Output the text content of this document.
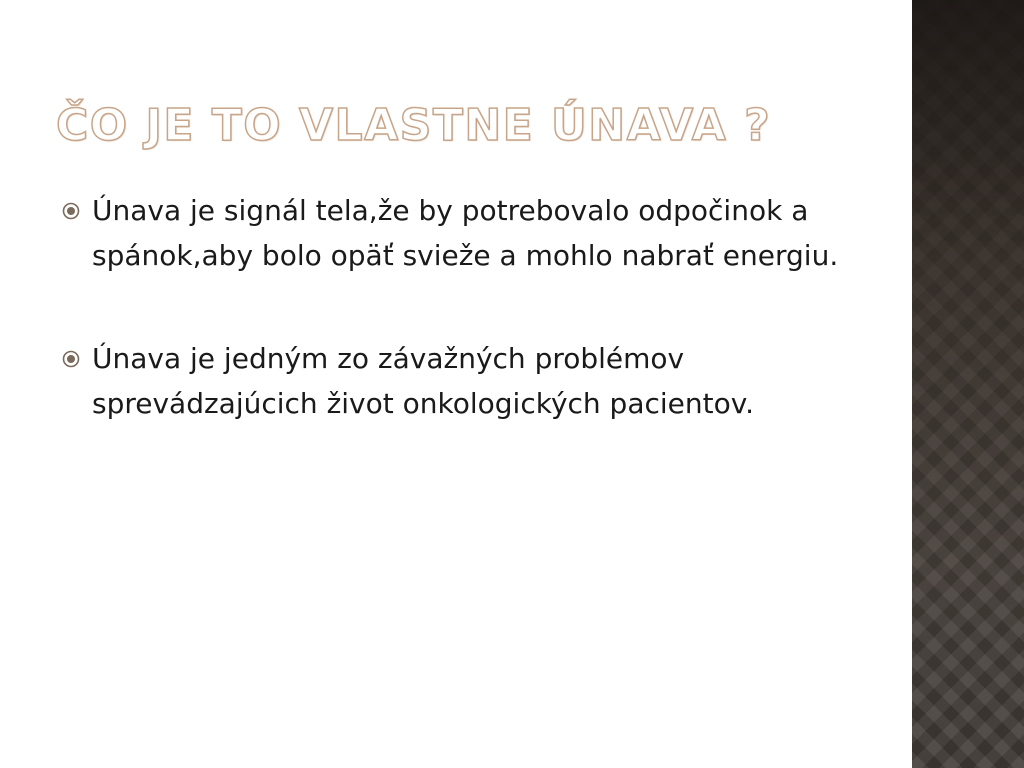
ČO JE TO VLASTNE ÚNAVA ?
Únava je signál tela,že by potrebovalo odpočinok a spánok,aby bolo opäť svieže a mohlo nabrať energiu.
Únava je jedným zo závažných problémov sprevádzajúcich život onkologických pacientov.
